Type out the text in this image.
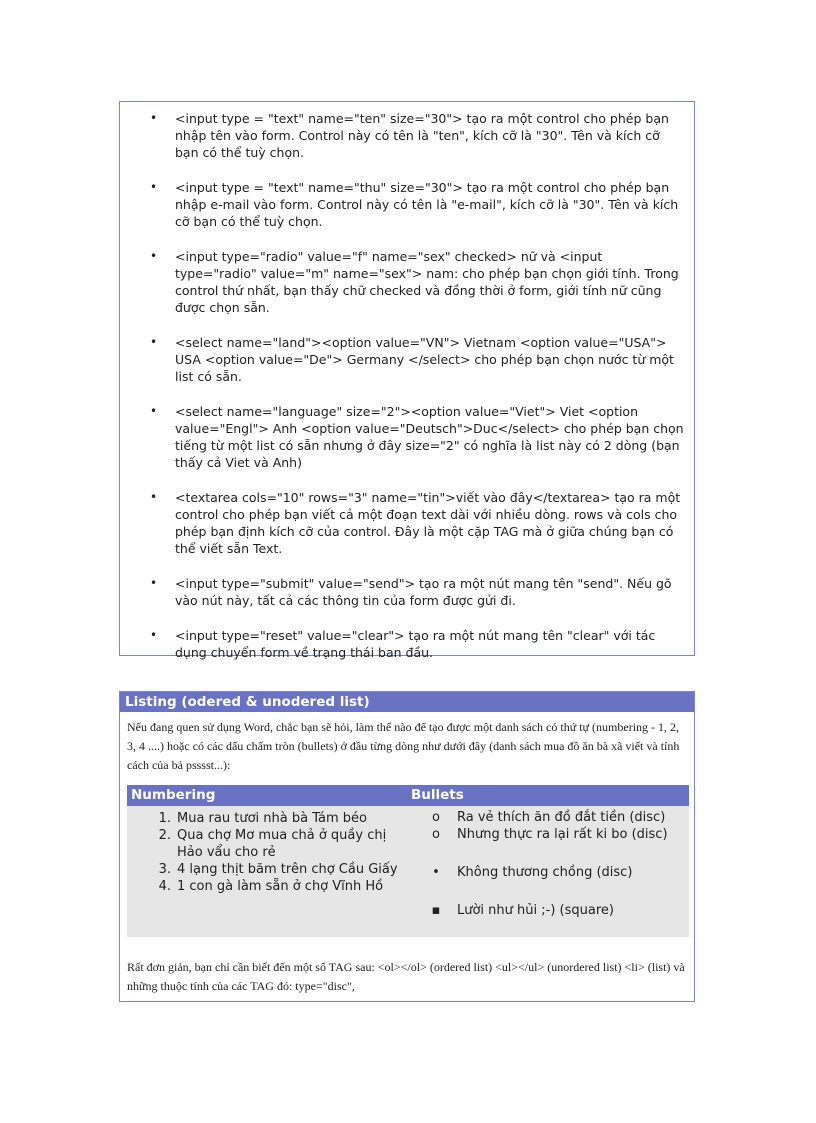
• <input type = "text" name="ten" size="30"> tạo ra một control cho phép bạn nhập tên vào form. Control này có tên là "ten", kích cỡ là "30". Tên và kích cỡ bạn có thể tuỳ chọn.
• <input type = "text" name="thu" size="30"> tạo ra một control cho phép bạn nhập e-mail vào form. Control này có tên là "e-mail", kích cỡ là "30". Tên và kích cỡ bạn có thể tuỳ chọn.
• <input type="radio" value="f" name="sex" checked> nữ và <input type="radio" value="m" name="sex"> nam: cho phép bạn chọn giới tính. Trong control thứ nhất, bạn thấy chữ checked và đồng thời ở form, giới tính nữ cũng được chọn sẵn.
• <select name="land"><option value="VN"> Vietnam <option value="USA"> USA <option value="De"> Germany </select> cho phép bạn chọn nước từ một list có sẵn.
• <select name="language" size="2"><option value="Viet"> Viet <option value="Engl"> Anh <option value="Deutsch">Duc</select> cho phép bạn chọn tiếng từ một list có sẵn nhưng ở đây size="2" có nghĩa là list này có 2 dòng (bạn thấy cả Viet và Anh)
• <textarea cols="10" rows="3" name="tin">viết vào đây</textarea> tạo ra một control cho phép bạn viết cả một đoạn text dài với nhiều dòng. rows và cols cho phép bạn định kích cỡ của control. Đây là một cặp TAG mà ở giữa chúng bạn có thể viết sẵn Text.
• <input type="submit" value="send"> tạo ra một nút mang tên "send". Nếu gõ vào nút này, tất cả các thông tin của form được gửi đi.
• <input type="reset" value="clear"> tạo ra một nút mang tên "clear" với tác dụng chuyển form về trạng thái ban đầu.
Listing (odered & unodered list)
Nếu đang quen sử dụng Word, chắc bạn sẽ hỏi, làm thế nào để tạo được một danh sách có thứ tự (numbering - 1, 2, 3, 4 ....) hoặc có các dấu chấm tròn (bullets) ở đầu từng dòng như dưới đây (danh sách mua đồ ăn bà xã viết và tính cách của bả psssst...):
Numbering	Bullets
1. Mua rau tươi nhà bà Tám béo
2. Qua chợ Mơ mua chả ở quầy chị Hảo vẩu cho rẻ
3. 4 lạng thịt băm trên chợ Cầu Giấy
4. 1 con gà làm sẵn ở chợ Vĩnh Hồ
o Ra vẻ thích ăn đồ đắt tiền (disc)
o Nhưng thực ra lại rất ki bo (disc)
• Không thương chồng (disc)
▪ Lười như hủi ;-) (square)
Rất đơn giản, bạn chỉ cần biết đến một số TAG sau: <ol></ol> (ordered list) <ul></ul> (unordered list) <li> (list) và những thuộc tính của các TAG đó: type="disc",
